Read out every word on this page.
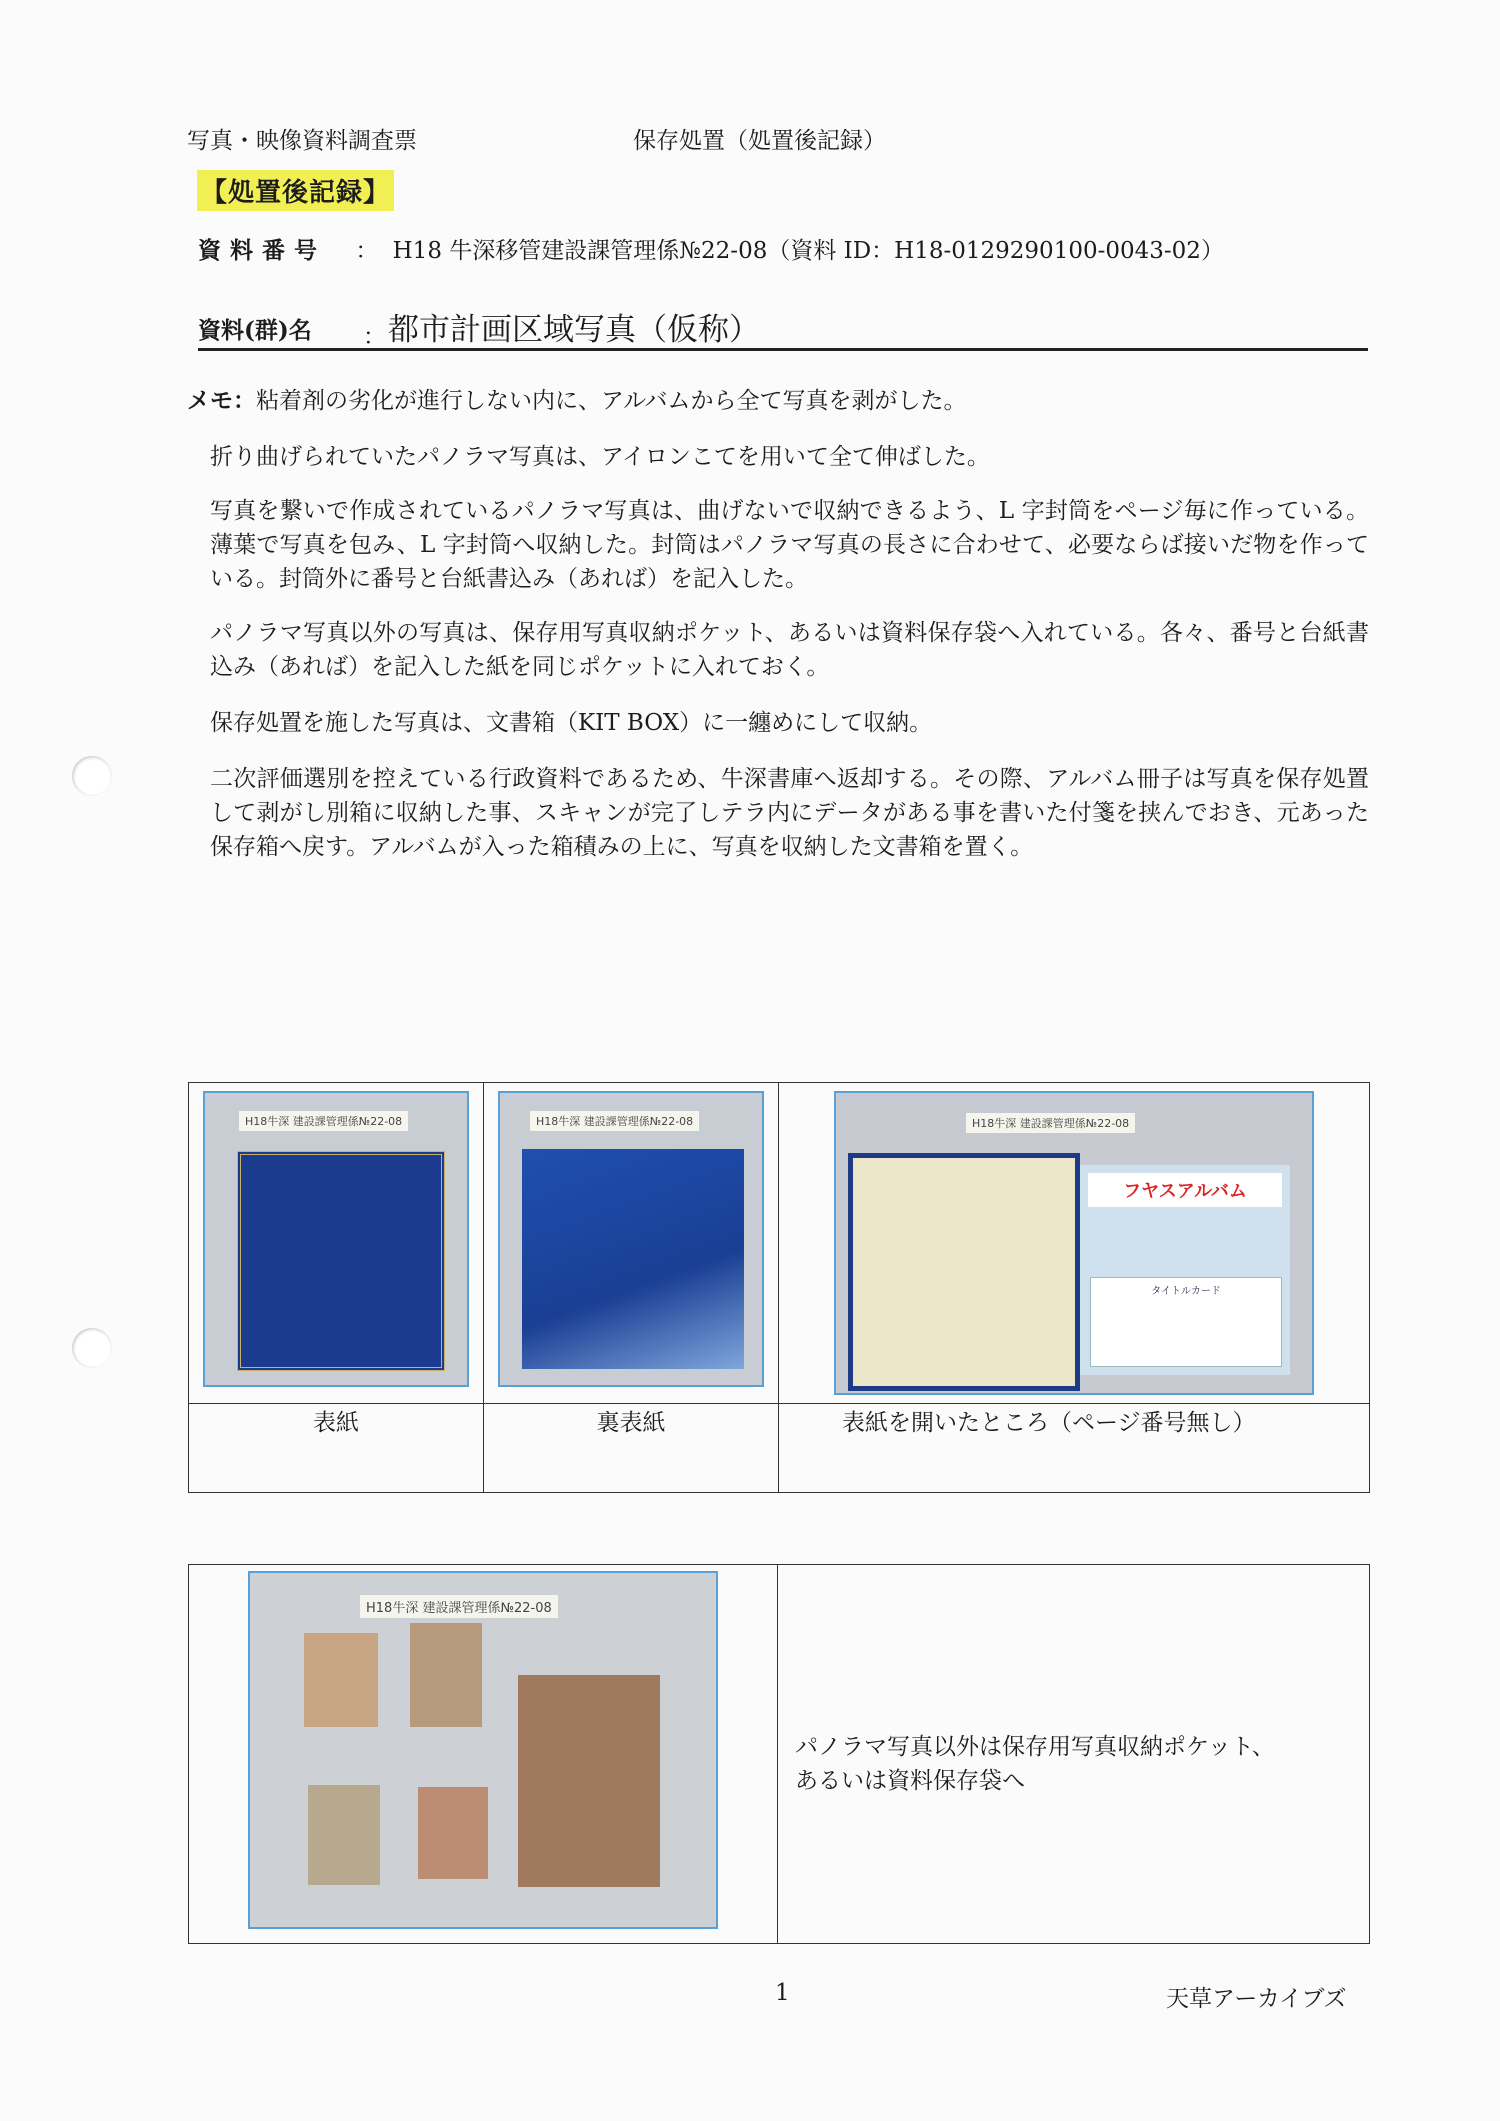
写真・映像資料調査票	保存処置（処置後記録）
【処置後記録】
資料番号 ： H18 牛深移管建設課管理係№22-08（資料 ID：H18-0129290100-0043-02）
資料(群)名 ： 都市計画区域写真（仮称）
メモ：粘着剤の劣化が進行しない内に、アルバムから全て写真を剥がした。
折り曲げられていたパノラマ写真は、アイロンこてを用いて全て伸ばした。
写真を繋いで作成されているパノラマ写真は、曲げないで収納できるよう、L 字封筒をページ毎に作っている。薄葉で写真を包み、L 字封筒へ収納した。封筒はパノラマ写真の長さに合わせて、必要ならば接いだ物を作っている。封筒外に番号と台紙書込み（あれば）を記入した。
パノラマ写真以外の写真は、保存用写真収納ポケット、あるいは資料保存袋へ入れている。各々、番号と台紙書込み（あれば）を記入した紙を同じポケットに入れておく。
保存処置を施した写真は、文書箱（KIT BOX）に一纏めにして収納。
二次評価選別を控えている行政資料であるため、牛深書庫へ返却する。その際、アルバム冊子は写真を保存処置して剥がし別箱に収納した事、スキャンが完了しテラ内にデータがある事を書いた付箋を挟んでおき、元あった保存箱へ戻す。アルバムが入った箱積みの上に、写真を収納した文書箱を置く。
H18牛深 建設課管理係№22-08	H18牛深 建設課管理係№22-08	H18牛深 建設課管理係№22-08
フヤスアルバム
タイトルカード

表紙	裏表紙	表紙を開いたところ（ページ番号無し）
H18牛深 建設課管理係№22-08

パノラマ写真以外は保存用写真収納ポケット、
あるいは資料保存袋へ
1	天草アーカイブズ
